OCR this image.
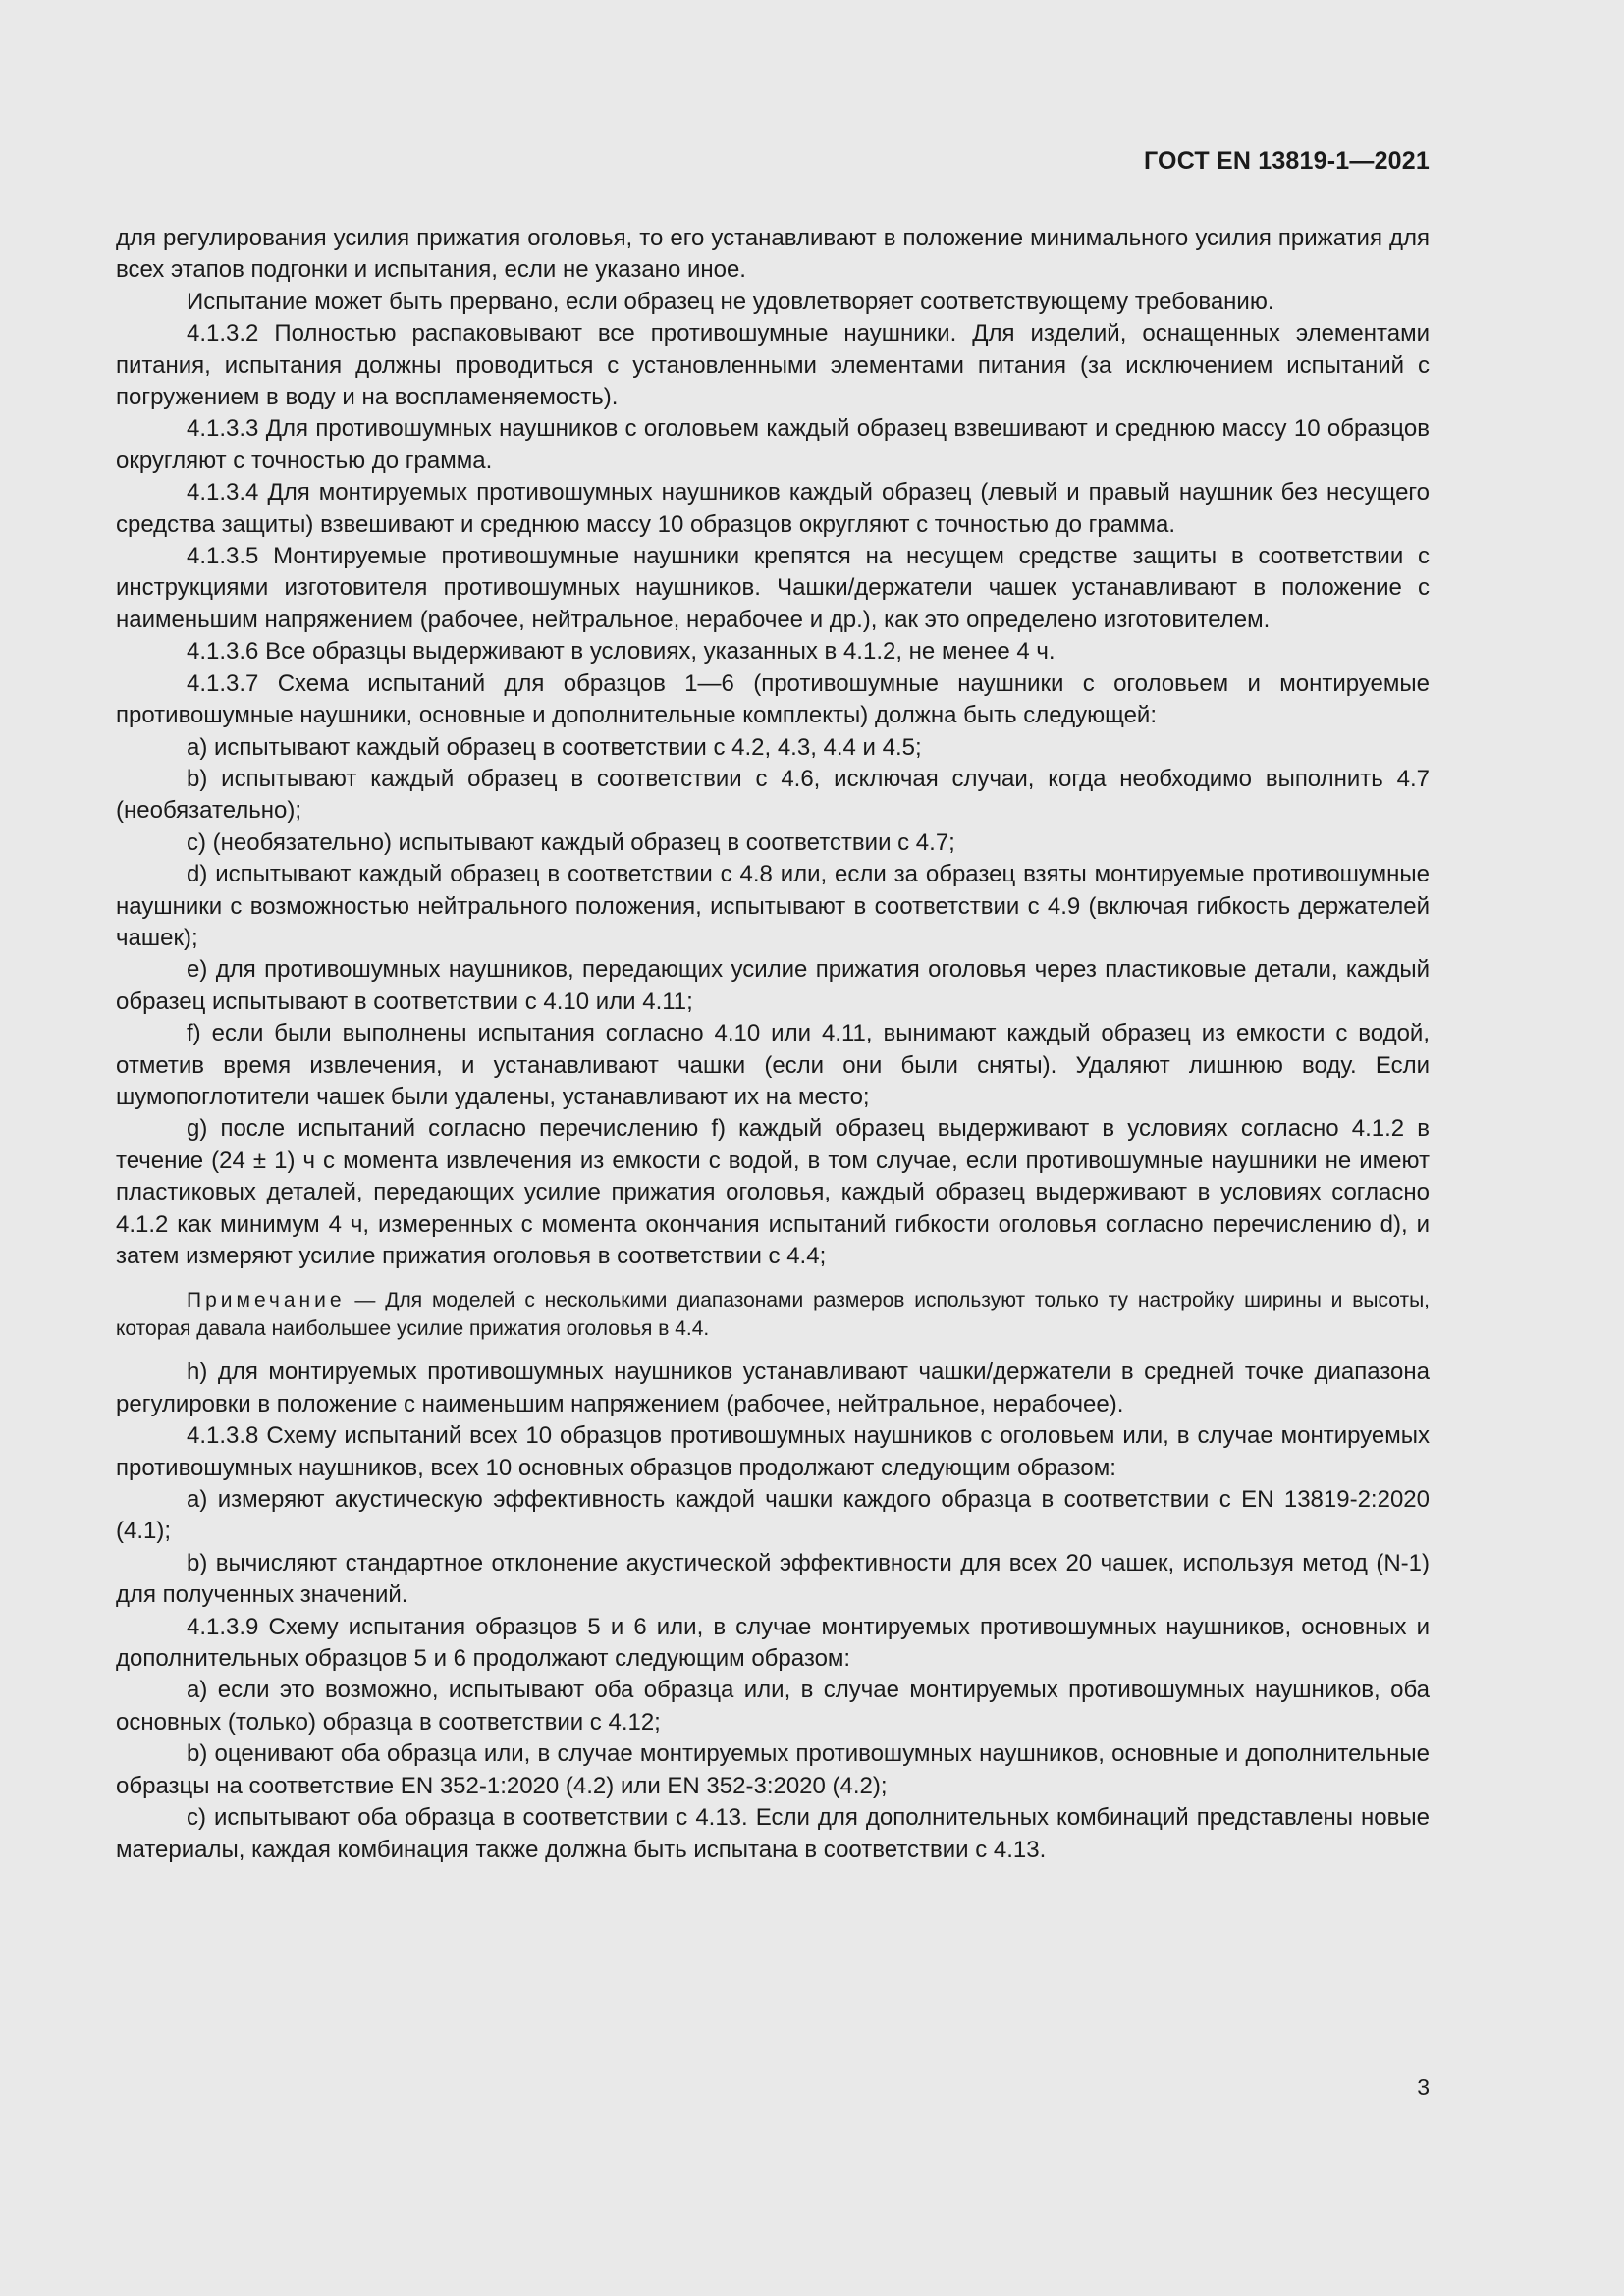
ГОСТ EN 13819-1—2021

для регулирования усилия прижатия оголовья, то его устанавливают в положение минимального усилия прижатия для всех этапов подгонки и испытания, если не указано иное.

Испытание может быть прервано, если образец не удовлетворяет соответствующему требованию.

4.1.3.2 Полностью распаковывают все противошумные наушники. Для изделий, оснащенных элементами питания, испытания должны проводиться с установленными элементами питания (за исключением испытаний с погружением в воду и на воспламеняемость).

4.1.3.3 Для противошумных наушников с оголовьем каждый образец взвешивают и среднюю массу 10 образцов округляют с точностью до грамма.

4.1.3.4 Для монтируемых противошумных наушников каждый образец (левый и правый наушник без несущего средства защиты) взвешивают и среднюю массу 10 образцов округляют с точностью до грамма.

4.1.3.5 Монтируемые противошумные наушники крепятся на несущем средстве защиты в соответствии с инструкциями изготовителя противошумных наушников. Чашки/держатели чашек устанавливают в положение с наименьшим напряжением (рабочее, нейтральное, нерабочее и др.), как это определено изготовителем.

4.1.3.6 Все образцы выдерживают в условиях, указанных в 4.1.2, не менее 4 ч.

4.1.3.7 Схема испытаний для образцов 1—6 (противошумные наушники с оголовьем и монтируемые противошумные наушники, основные и дополнительные комплекты) должна быть следующей:

a) испытывают каждый образец в соответствии с 4.2, 4.3, 4.4 и 4.5;

b) испытывают каждый образец в соответствии с 4.6, исключая случаи, когда необходимо выполнить 4.7 (необязательно);

c) (необязательно) испытывают каждый образец в соответствии с 4.7;

d) испытывают каждый образец в соответствии с 4.8 или, если за образец взяты монтируемые противошумные наушники с возможностью нейтрального положения, испытывают в соответствии с 4.9 (включая гибкость держателей чашек);

e) для противошумных наушников, передающих усилие прижатия оголовья через пластиковые детали, каждый образец испытывают в соответствии с 4.10 или 4.11;

f) если были выполнены испытания согласно 4.10 или 4.11, вынимают каждый образец из емкости с водой, отметив время извлечения, и устанавливают чашки (если они были сняты). Удаляют лишнюю воду. Если шумопоглотители чашек были удалены, устанавливают их на место;

g) после испытаний согласно перечислению f) каждый образец выдерживают в условиях согласно 4.1.2 в течение (24 ± 1) ч с момента извлечения из емкости с водой, в том случае, если противошумные наушники не имеют пластиковых деталей, передающих усилие прижатия оголовья, каждый образец выдерживают в условиях согласно 4.1.2 как минимум 4 ч, измеренных с момента окончания испытаний гибкости оголовья согласно перечислению d), и затем измеряют усилие прижатия оголовья в соответствии с 4.4;

Примечание — Для моделей с несколькими диапазонами размеров используют только ту настройку ширины и высоты, которая давала наибольшее усилие прижатия оголовья в 4.4.

h) для монтируемых противошумных наушников устанавливают чашки/держатели в средней точке диапазона регулировки в положение с наименьшим напряжением (рабочее, нейтральное, нерабочее).

4.1.3.8 Схему испытаний всех 10 образцов противошумных наушников с оголовьем или, в случае монтируемых противошумных наушников, всех 10 основных образцов продолжают следующим образом:

a) измеряют акустическую эффективность каждой чашки каждого образца в соответствии с EN 13819-2:2020 (4.1);

b) вычисляют стандартное отклонение акустической эффективности для всех 20 чашек, используя метод (N-1) для полученных значений.

4.1.3.9 Схему испытания образцов 5 и 6 или, в случае монтируемых противошумных наушников, основных и дополнительных образцов 5 и 6 продолжают следующим образом:

a) если это возможно, испытывают оба образца или, в случае монтируемых противошумных наушников, оба основных (только) образца в соответствии с 4.12;

b) оценивают оба образца или, в случае монтируемых противошумных наушников, основные и дополнительные образцы на соответствие EN 352-1:2020 (4.2) или EN 352-3:2020 (4.2);

c) испытывают оба образца в соответствии с 4.13. Если для дополнительных комбинаций представлены новые материалы, каждая комбинация также должна быть испытана в соответствии с 4.13.

3
